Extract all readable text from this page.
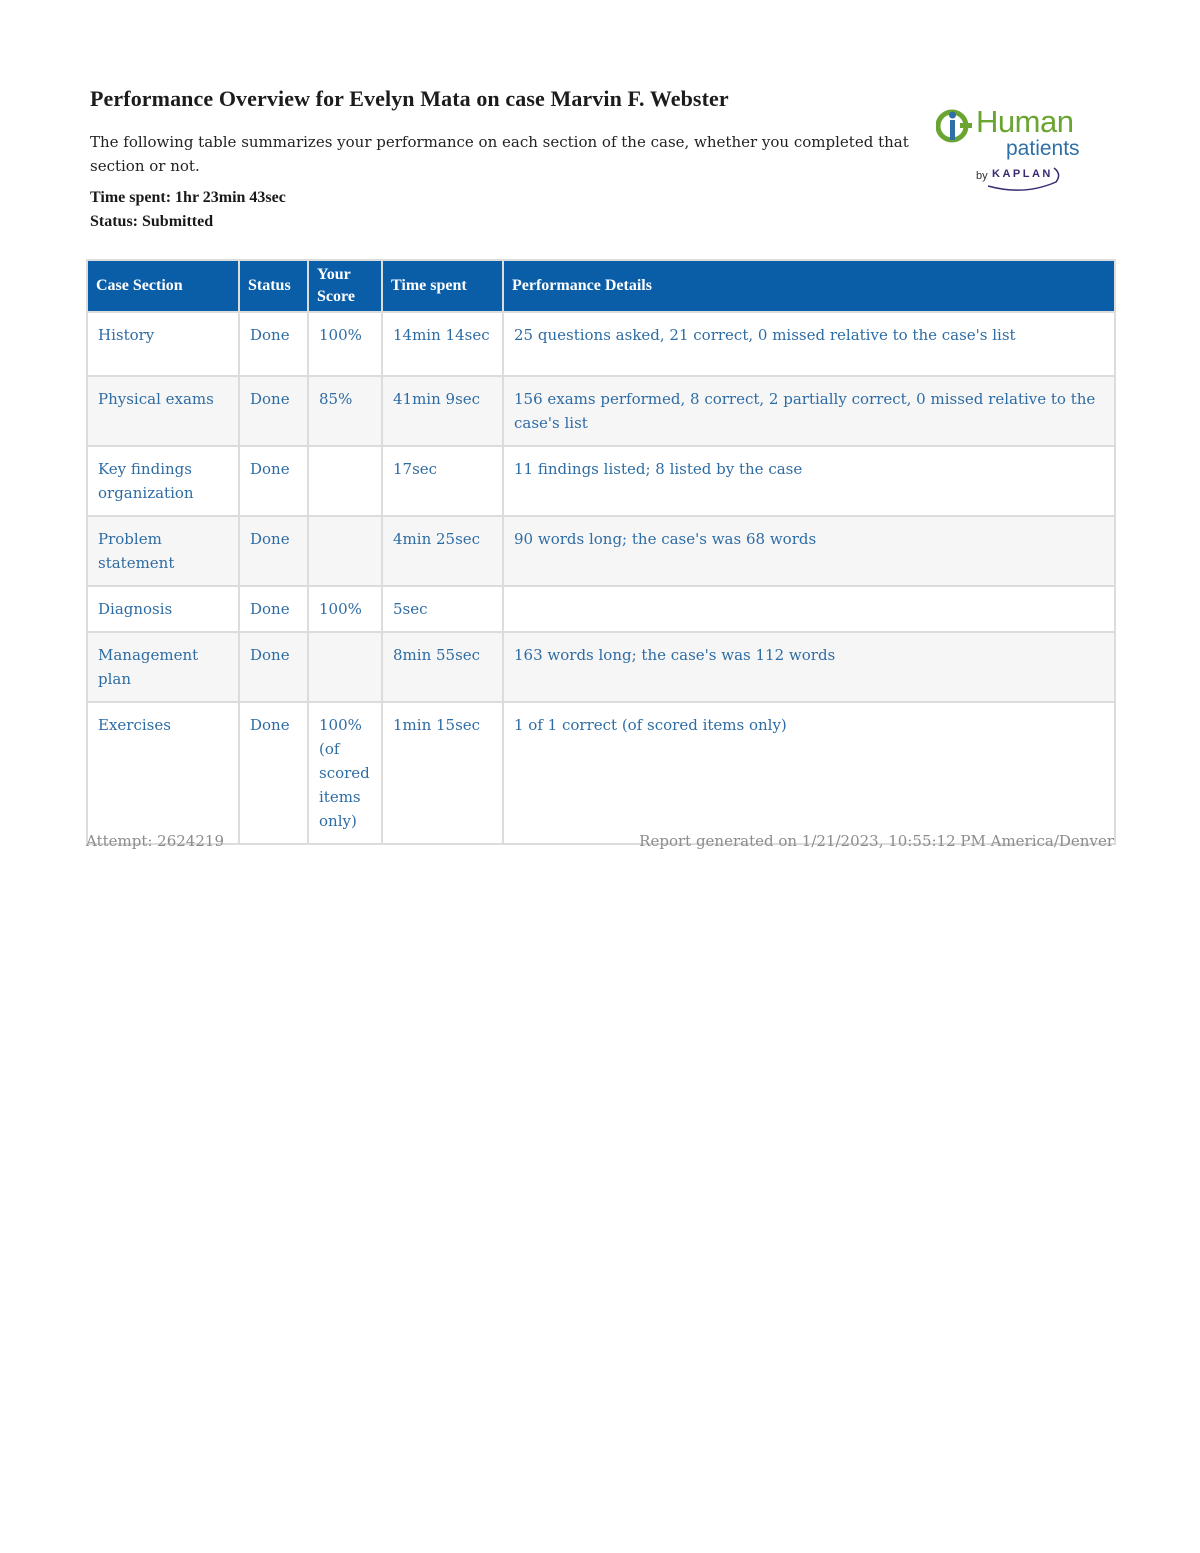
Performance Overview for Evelyn Mata on case Marvin F. Webster

The following table summarizes your performance on each section of the case, whether you completed that section or not.

Time spent: 1hr 23min 43sec
Status: Submitted
Human
patients
by KAPLAN
Case Section	Status	Your Score	Time spent	Performance Details
History	Done	100%	14min 14sec	25 questions asked, 21 correct, 0 missed relative to the case's list
Physical exams	Done	85%	41min 9sec	156 exams performed, 8 correct, 2 partially correct, 0 missed relative to the case's list
Key findings organization	Done		17sec	11 findings listed; 8 listed by the case
Problem statement	Done		4min 25sec	90 words long; the case's was 68 words
Diagnosis	Done	100%	5sec	
Management plan	Done		8min 55sec	163 words long; the case's was 112 words
Exercises	Done	100% (of scored items only)	1min 15sec	1 of 1 correct (of scored items only)
Attempt: 2624219	Report generated on 1/21/2023, 10:55:12 PM America/Denver
